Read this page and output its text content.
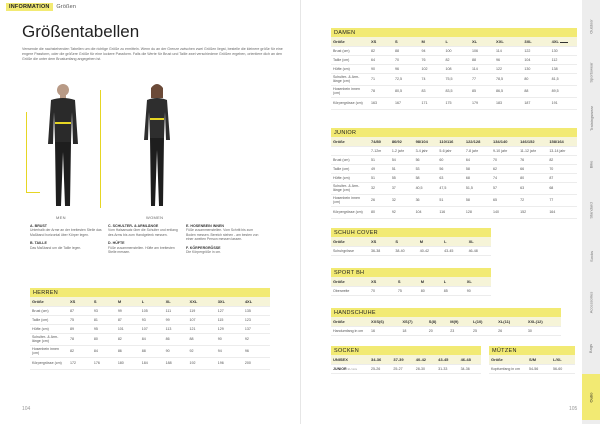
INFORMATION Größen
Größentabellen

Verwende die nachstehenden Tabellen um die richtige Größe zu ermitteln. Wenn du an der Grenze zwischen zwei Größen liegst, bestelle die kleinere größe für eine engere Passform, oder die größere Größe für eine lockere Passform. Falls die Werte für Brust und Taille zwei verschiedene Größen ergeben, orientiere dich an den Größe die unter dem Brustumfang angegeben ist.

MEN	WOMEN

A. BRUST
Unterhalb der Arme an der breitesten Stelle das Maßband horizontal über Körper legen.

B. TAILLE
Das Maßband um die Taille legen.

C. SCHULTER- & ARMLÄNGE
Vom Halsansatz über die Schulter und entlang des Arms bis zum Handgelenk messen.

D. HÜFTE
Füße zusammenstellen. Hüfte am breitesten Stelle messen.

E. HOSENBEIN INNEN
Füße zusammenstellen. Vom Schritt bis zum Boden messen. Bereich stehen - am besten von einer zweiten Person messen lassen.

F. KÖRPERGRÖSSE
Die Körpergröße in cm.

HERREN
Größe	XS	S	M	L	XL	XXL	3XL	4XL
Brust (cm)	87	93	99	105	111	119	127	135
Taille (cm)	75	81	87	93	99	107	115	123
Hüfte (cm)	89	95	101	107	113	121	129	137
Schulter- & Arm-länge (cm)	78	80	82	84	86	88	90	92
Hosenbein innen (cm)	82	84	86	88	90	92	94	96
Körpergrösse (cm)	172	176	180	184	188	192	196	200
104
DAMEN
Größe	XS	S	M	L	XL	XXL	3XL	4XL
Brust (cm)	82	88	94	100	106	114	122	130
Taille (cm)	64	70	76	82	88	96	104	112
Hüfte (cm)	90	96	102	108	114	122	130	138
Schulter- & Arm-länge (cm)	71	72,5	74	75,5	77	78,5	80	81,5
Hosenbein innen (cm)	78	80,5	83	83,5	85	86,5	88	89,5
Körpergrösse (cm)	163	167	171	175	179	183	187	191
JUNIOR
Größe	74/80	86/92	98/104	110/116	122/128	134/140	146/152	158/164
	7-12m	1-2 jahr	3-4 jahr	5-6 jahr	7-8 jahr	9-10 jahr	11-12 jahr	13-14 jahr
Brust (cm)	51	54	56	60	64	70	76	82
Taille (cm)	49	51	53	56	58	62	66	70
Hüfte (cm)	51	55	58	63	68	74	80	87
Schulter- & Arm-länge (cm)	32	37	40,5	47,5	51,5	57	63	68
Hosenbein innen (cm)	26	32	36	51	58	65	72	77
Körpergrösse (cm)	80	92	104	116	128	140	152	164
SCHUH COVER
Größe	XS	S	M	L	XL
Schuhgrösse	36-38	38-40	40-42	43-45	46-48
SPORT BH
Größe	XS	S	M	L	XL
Oberweite	70	75	80	85	90
HANDSCHUHE
Größe	XXS(6)	XS(7)	S(8)	M(9)	L(10)	XL(11)	XXL(12)
Handumfang in cm	16	18	20	23	25	26	30
SOCKEN
UNISEX	34-36	37-39	40-42	43-45	46-48
JUNIOR EU size	25-26	25-27	28-30	31-33	34-36
MÜTZEN
Größe	S/M	L/XL
Kopfumfang in cm	54-56	56-60
105
Outdoor
Sportswear
Trainingswear
Bike
Standard
Socks
Accessories
Bags
Outro
